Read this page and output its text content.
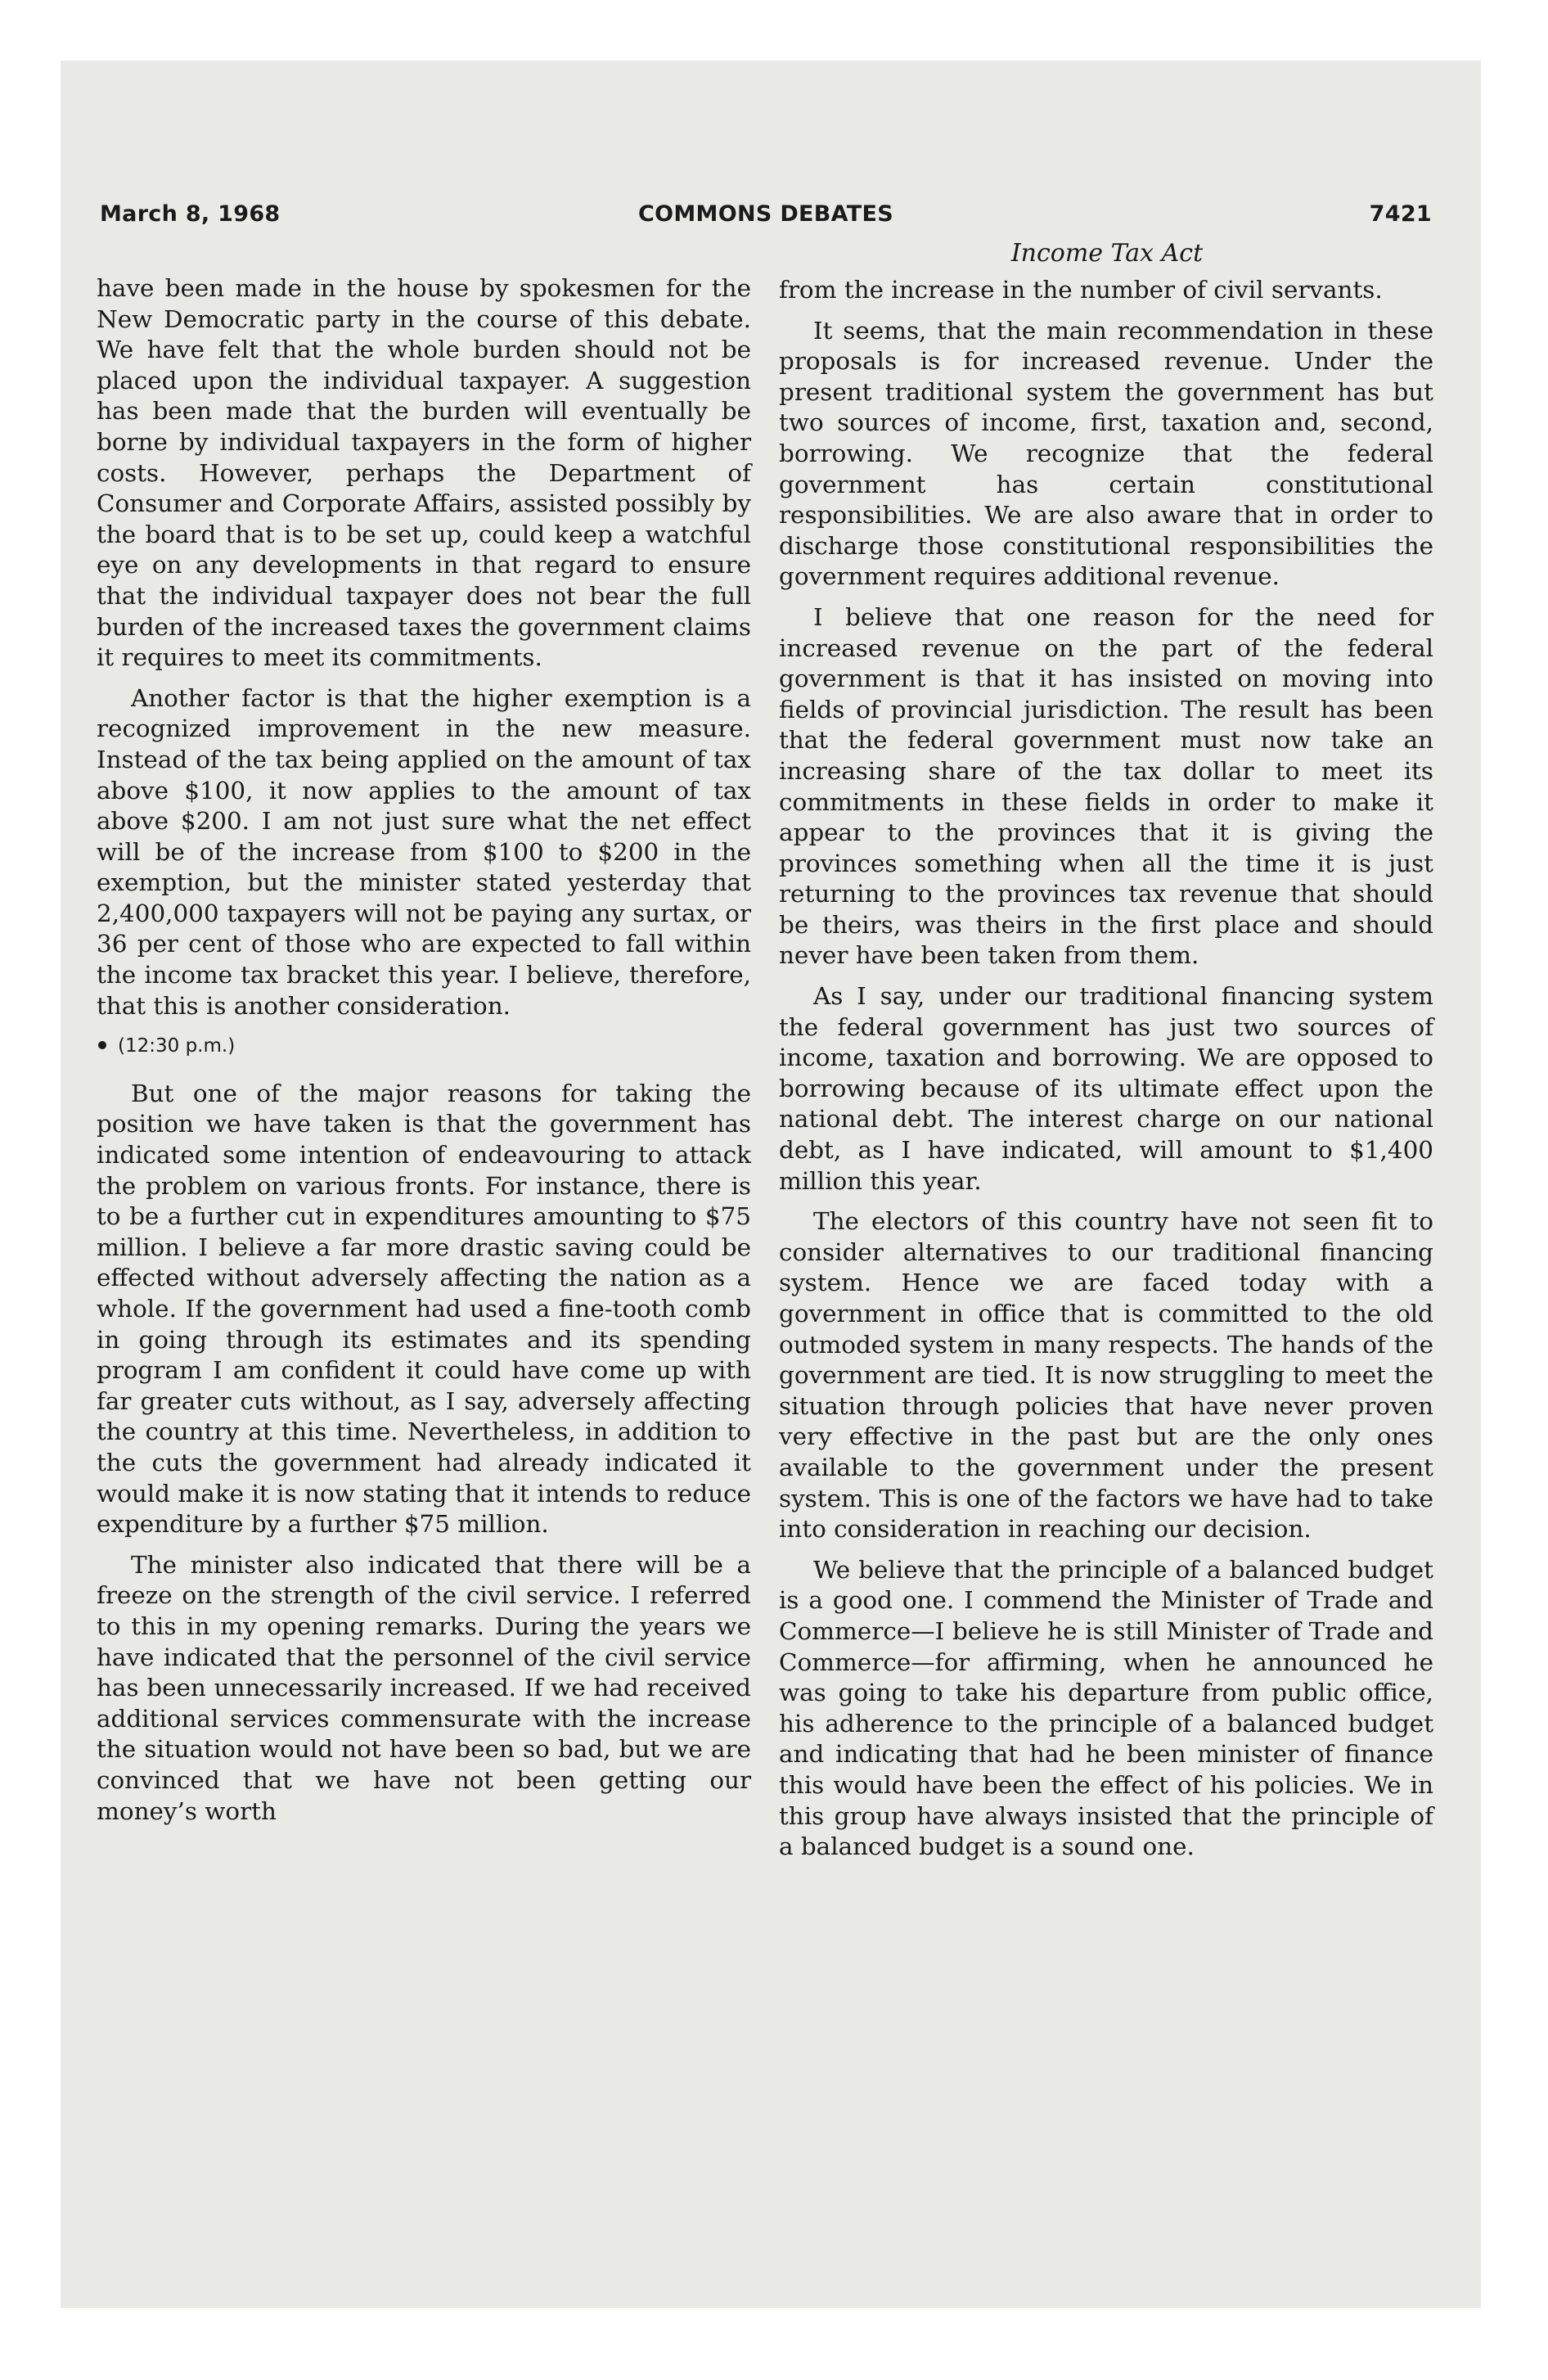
March 8, 1968	COMMONS DEBATES	7421
Income Tax Act

have been made in the house by spokesmen for the New Democratic party in the course of this debate. We have felt that the whole burden should not be placed upon the individual taxpayer. A suggestion has been made that the burden will eventually be borne by individual taxpayers in the form of higher costs. However, perhaps the Department of Consumer and Corporate Affairs, assisted possibly by the board that is to be set up, could keep a watchful eye on any developments in that regard to ensure that the individual taxpayer does not bear the full burden of the increased taxes the government claims it requires to meet its commitments.

Another factor is that the higher exemption is a recognized improvement in the new measure. Instead of the tax being applied on the amount of tax above $100, it now applies to the amount of tax above $200. I am not just sure what the net effect will be of the increase from $100 to $200 in the exemption, but the minister stated yesterday that 2,400,000 taxpayers will not be paying any surtax, or 36 per cent of those who are expected to fall within the income tax bracket this year. I believe, therefore, that this is another consideration.

(12:30 p.m.)

But one of the major reasons for taking the position we have taken is that the government has indicated some intention of endeavouring to attack the problem on various fronts. For instance, there is to be a further cut in expenditures amounting to $75 million. I believe a far more drastic saving could be effected without adversely affecting the nation as a whole. If the government had used a fine-tooth comb in going through its estimates and its spending program I am confident it could have come up with far greater cuts without, as I say, adversely affecting the country at this time. Nevertheless, in addition to the cuts the government had already indicated it would make it is now stating that it intends to reduce expenditure by a further $75 million.

The minister also indicated that there will be a freeze on the strength of the civil service. I referred to this in my opening remarks. During the years we have indicated that the personnel of the civil service has been unnecessarily increased. If we had received additional services commensurate with the increase the situation would not have been so bad, but we are convinced that we have not been getting our money’s worth

from the increase in the number of civil servants.

It seems, that the main recommendation in these proposals is for increased revenue. Under the present traditional system the government has but two sources of income, first, taxation and, second, borrowing. We recognize that the federal government has certain constitutional responsibilities. We are also aware that in order to discharge those constitutional responsibilities the government requires additional revenue.

I believe that one reason for the need for increased revenue on the part of the federal government is that it has insisted on moving into fields of provincial jurisdiction. The result has been that the federal government must now take an increasing share of the tax dollar to meet its commitments in these fields in order to make it appear to the provinces that it is giving the provinces something when all the time it is just returning to the provinces tax revenue that should be theirs, was theirs in the first place and should never have been taken from them.

As I say, under our traditional financing system the federal government has just two sources of income, taxation and borrowing. We are opposed to borrowing because of its ultimate effect upon the national debt. The interest charge on our national debt, as I have indicated, will amount to $1,400 million this year.

The electors of this country have not seen fit to consider alternatives to our traditional financing system. Hence we are faced today with a government in office that is committed to the old outmoded system in many respects. The hands of the government are tied. It is now struggling to meet the situation through policies that have never proven very effective in the past but are the only ones available to the government under the present system. This is one of the factors we have had to take into consideration in reaching our decision.

We believe that the principle of a balanced budget is a good one. I commend the Minister of Trade and Commerce—I believe he is still Minister of Trade and Commerce—for affirming, when he announced he was going to take his departure from public office, his adherence to the principle of a balanced budget and indicating that had he been minister of finance this would have been the effect of his policies. We in this group have always insisted that the principle of a balanced budget is a sound one.
